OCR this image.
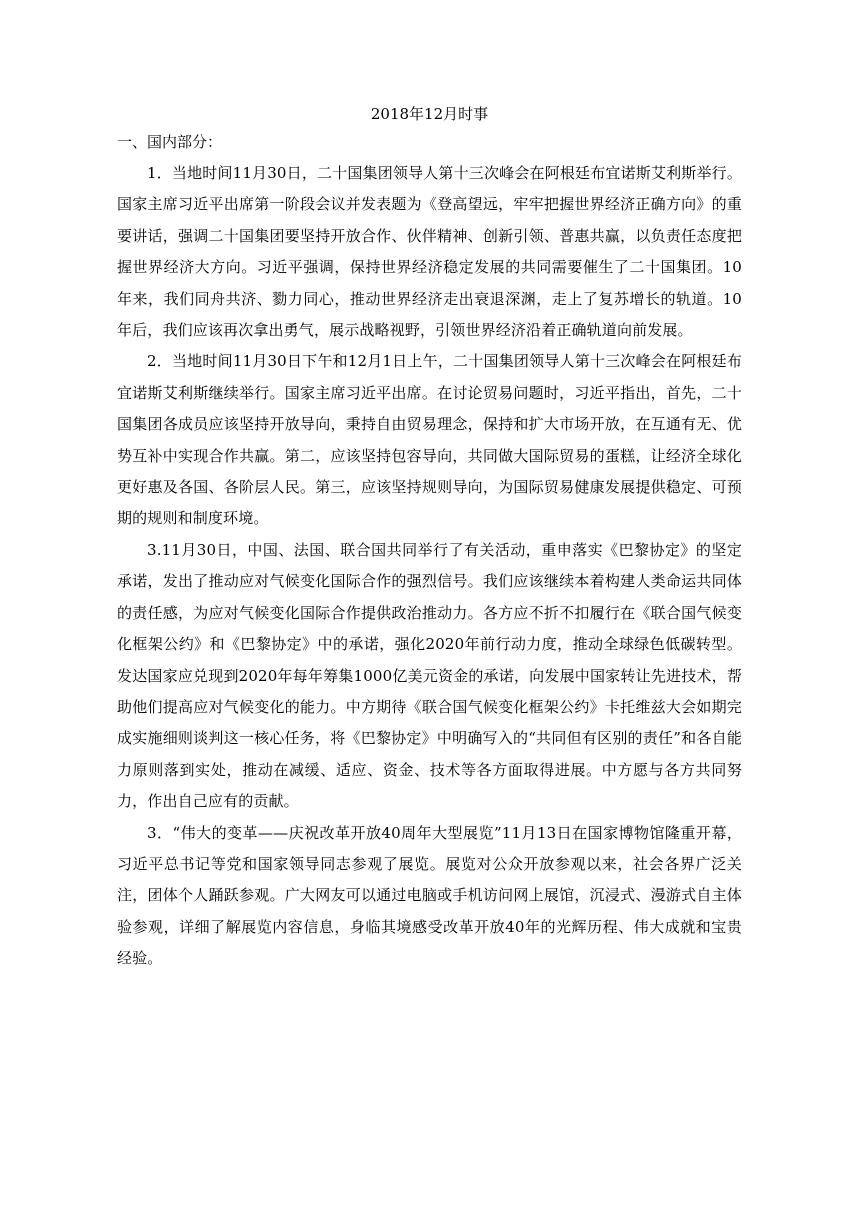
2018年12月时事
一、国内部分：

1．当地时间11月30日，二十国集团领导人第十三次峰会在阿根廷布宜诺斯艾利斯举行。国家主席习近平出席第一阶段会议并发表题为《登高望远，牢牢把握世界经济正确方向》的重要讲话，强调二十国集团要坚持开放合作、伙伴精神、创新引领、普惠共赢，以负责任态度把握世界经济大方向。习近平强调，保持世界经济稳定发展的共同需要催生了二十国集团。10年来，我们同舟共济、勠力同心，推动世界经济走出衰退深渊，走上了复苏增长的轨道。10年后，我们应该再次拿出勇气，展示战略视野，引领世界经济沿着正确轨道向前发展。

2．当地时间11月30日下午和12月1日上午，二十国集团领导人第十三次峰会在阿根廷布宜诺斯艾利斯继续举行。国家主席习近平出席。在讨论贸易问题时，习近平指出，首先，二十国集团各成员应该坚持开放导向，秉持自由贸易理念，保持和扩大市场开放，在互通有无、优势互补中实现合作共赢。第二，应该坚持包容导向，共同做大国际贸易的蛋糕，让经济全球化更好惠及各国、各阶层人民。第三，应该坚持规则导向，为国际贸易健康发展提供稳定、可预期的规则和制度环境。

3.11月30日，中国、法国、联合国共同举行了有关活动，重申落实《巴黎协定》的坚定承诺，发出了推动应对气候变化国际合作的强烈信号。我们应该继续本着构建人类命运共同体的责任感，为应对气候变化国际合作提供政治推动力。各方应不折不扣履行在《联合国气候变化框架公约》和《巴黎协定》中的承诺，强化2020年前行动力度，推动全球绿色低碳转型。发达国家应兑现到2020年每年筹集1000亿美元资金的承诺，向发展中国家转让先进技术，帮助他们提高应对气候变化的能力。中方期待《联合国气候变化框架公约》卡托维兹大会如期完成实施细则谈判这一核心任务，将《巴黎协定》中明确写入的“共同但有区别的责任”和各自能力原则落到实处，推动在减缓、适应、资金、技术等各方面取得进展。中方愿与各方共同努力，作出自己应有的贡献。

3．“伟大的变革——庆祝改革开放40周年大型展览”11月13日在国家博物馆隆重开幕，习近平总书记等党和国家领导同志参观了展览。展览对公众开放参观以来，社会各界广泛关注，团体个人踊跃参观。广大网友可以通过电脑或手机访问网上展馆，沉浸式、漫游式自主体验参观，详细了解展览内容信息，身临其境感受改革开放40年的光辉历程、伟大成就和宝贵经验。
